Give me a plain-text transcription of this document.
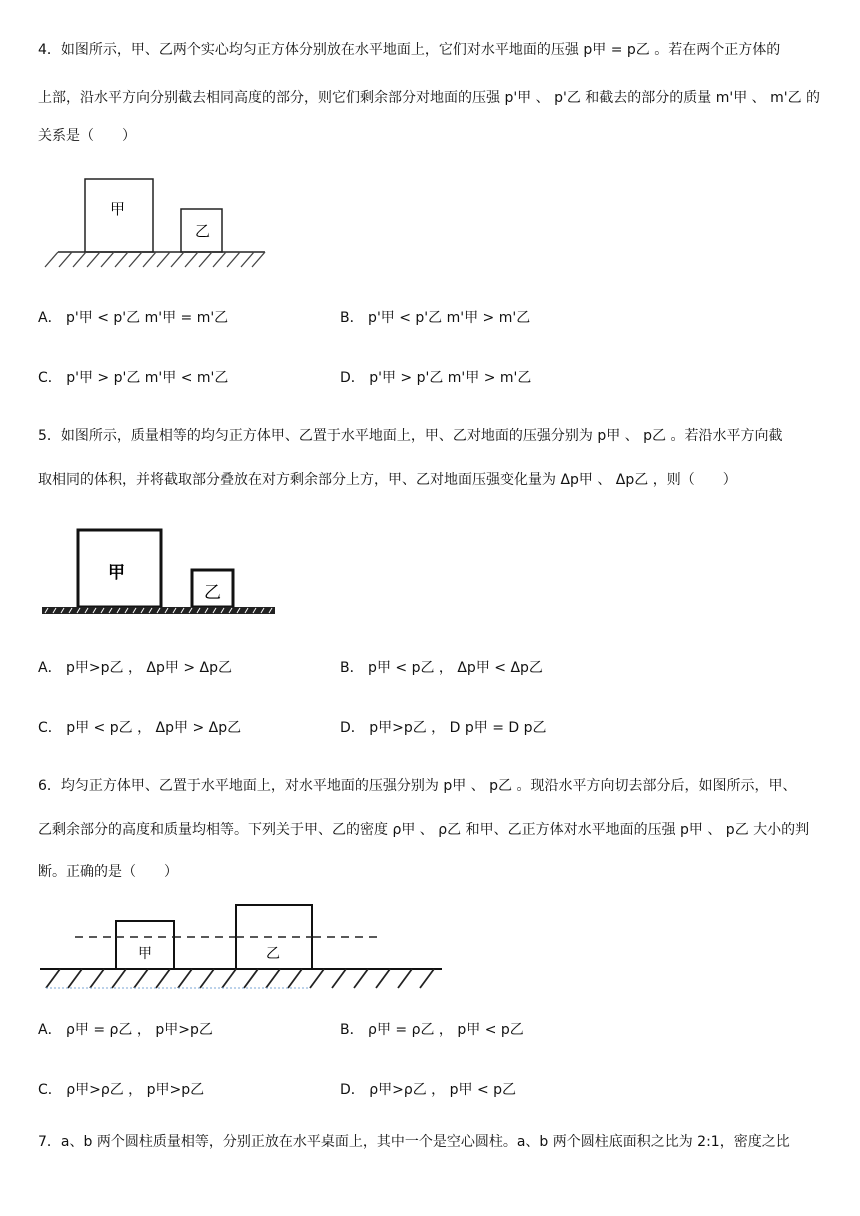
4．如图所示，甲、乙两个实心均匀正方体分别放在水平地面上，它们对水平地面的压强 p甲 = p乙 。若在两个正方体的
上部，沿水平方向分别截去相同高度的部分，则它们剩余部分对地面的压强 p'甲 、 p'乙 和截去的部分的质量 m'甲 、 m'乙 的
关系是（　　）
甲
乙
A． p'甲 < p'乙 m'甲 = m'乙	B． p'甲 < p'乙 m'甲 > m'乙
C． p'甲 > p'乙 m'甲 < m'乙	D． p'甲 > p'乙 m'甲 > m'乙
5．如图所示，质量相等的均匀正方体甲、乙置于水平地面上，甲、乙对地面的压强分别为 p甲 、 p乙 。若沿水平方向截
取相同的体积，并将截取部分叠放在对方剩余部分上方，甲、乙对地面压强变化量为 Δp甲 、 Δp乙 ，则（　　）
甲
乙
A． p甲>p乙 ， Δp甲 > Δp乙	B． p甲 < p乙 ， Δp甲 < Δp乙
C． p甲 < p乙 ， Δp甲 > Δp乙	D． p甲>p乙 ， D p甲 = D p乙
6．均匀正方体甲、乙置于水平地面上，对水平地面的压强分别为 p甲 、 p乙 。现沿水平方向切去部分后，如图所示，甲、
乙剩余部分的高度和质量均相等。下列关于甲、乙的密度 ρ甲 、 ρ乙 和甲、乙正方体对水平地面的压强 p甲 、 p乙 大小的判
断。正确的是（　　）
甲	乙
A． ρ甲 = ρ乙 ， p甲>p乙	B． ρ甲 = ρ乙 ， p甲 < p乙
C． ρ甲>ρ乙 ， p甲>p乙	D． ρ甲>ρ乙 ， p甲 < p乙
7．a、b 两个圆柱质量相等，分别正放在水平桌面上，其中一个是空心圆柱。a、b 两个圆柱底面积之比为 2:1，密度之比
